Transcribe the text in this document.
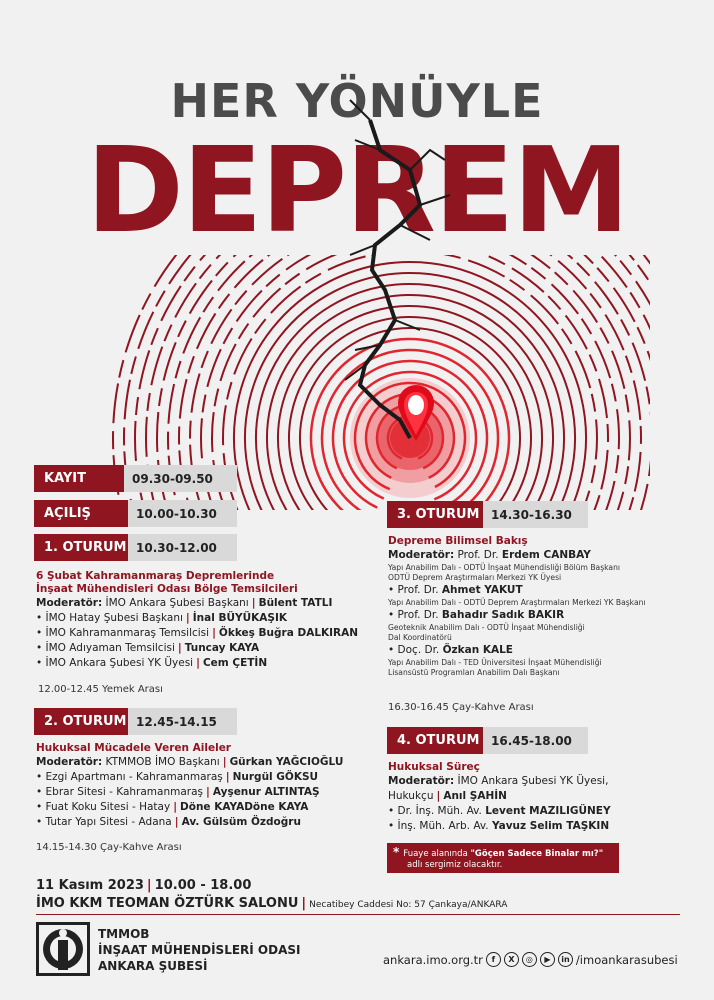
HER YÖNÜYLE
DEPREM
KAYIT	09.30-09.50
AÇILIŞ	10.00-10.30
1. OTURUM 10.30-12.00
6 Şubat Kahramanmaraş Depremlerinde
İnşaat Mühendisleri Odası Bölge Temsilcileri
Moderatör: İMO Ankara Şubesi Başkanı | Bülent TATLI
• İMO Hatay Şubesi Başkanı | İnal BÜYÜKAŞIK
• İMO Kahramanmaraş Temsilcisi | Ökkeş Buğra DALKIRAN
• İMO Adıyaman Temsilcisi | Tuncay KAYA
• İMO Ankara Şubesi YK Üyesi | Cem ÇETİN
12.00-12.45 Yemek Arası
2. OTURUM 12.45-14.15
Hukuksal Mücadele Veren Aileler
Moderatör: KTMMOB İMO Başkanı | Gürkan YAĞCIOĞLU
• Ezgi Apartmanı - Kahramanmaraş | Nurgül GÖKSU
• Ebrar Sitesi - Kahramanmaraş | Ayşenur ALTINTAŞ
• Fuat Koku Sitesi - Hatay | Döne KAYADöne KAYA
• Tutar Yapı Sitesi - Adana | Av. Gülsüm Özdoğru
14.15-14.30 Çay-Kahve Arası
3. OTURUM 14.30-16.30
Depreme Bilimsel Bakış
Moderatör: Prof. Dr. Erdem CANBAY
Yapı Anabilim Dalı - ODTÜ İnşaat Mühendisliği Bölüm Başkanı
ODTÜ Deprem Araştırmaları Merkezi YK Üyesi
• Prof. Dr. Ahmet YAKUT
Yapı Anabilim Dalı - ODTÜ Deprem Araştırmaları Merkezi YK Başkanı
• Prof. Dr. Bahadır Sadık BAKIR
Geoteknik Anabilim Dalı - ODTÜ İnşaat Mühendisliği
Dal Koordinatörü
• Doç. Dr. Özkan KALE
Yapı Anabilim Dalı - TED Üniversitesi İnşaat Mühendisliği
Lisansüstü Programları Anabilim Dalı Başkanı
16.30-16.45 Çay-Kahve Arası
4. OTURUM 16.45-18.00
Hukuksal Süreç
Moderatör: İMO Ankara Şubesi YK Üyesi,
Hukukçu | Anıl ŞAHİN
• Dr. İnş. Müh. Av. Levent MAZILIGÜNEY
• İnş. Müh. Arb. Av. Yavuz Selim TAŞKIN
* Fuaye alanında "Göçen Sadece Binalar mı?"
adlı sergimiz olacaktır.
11 Kasım 2023 | 10.00 - 18.00
İMO KKM TEOMAN ÖZTÜRK SALONU | Necatibey Caddesi No: 57 Çankaya/ANKARA
TMMOB
İNŞAAT MÜHENDİSLERİ ODASI
ANKARA ŞUBESİ	ankara.imo.org.tr	f	X	◎	▶	in /imoankarasubesi
